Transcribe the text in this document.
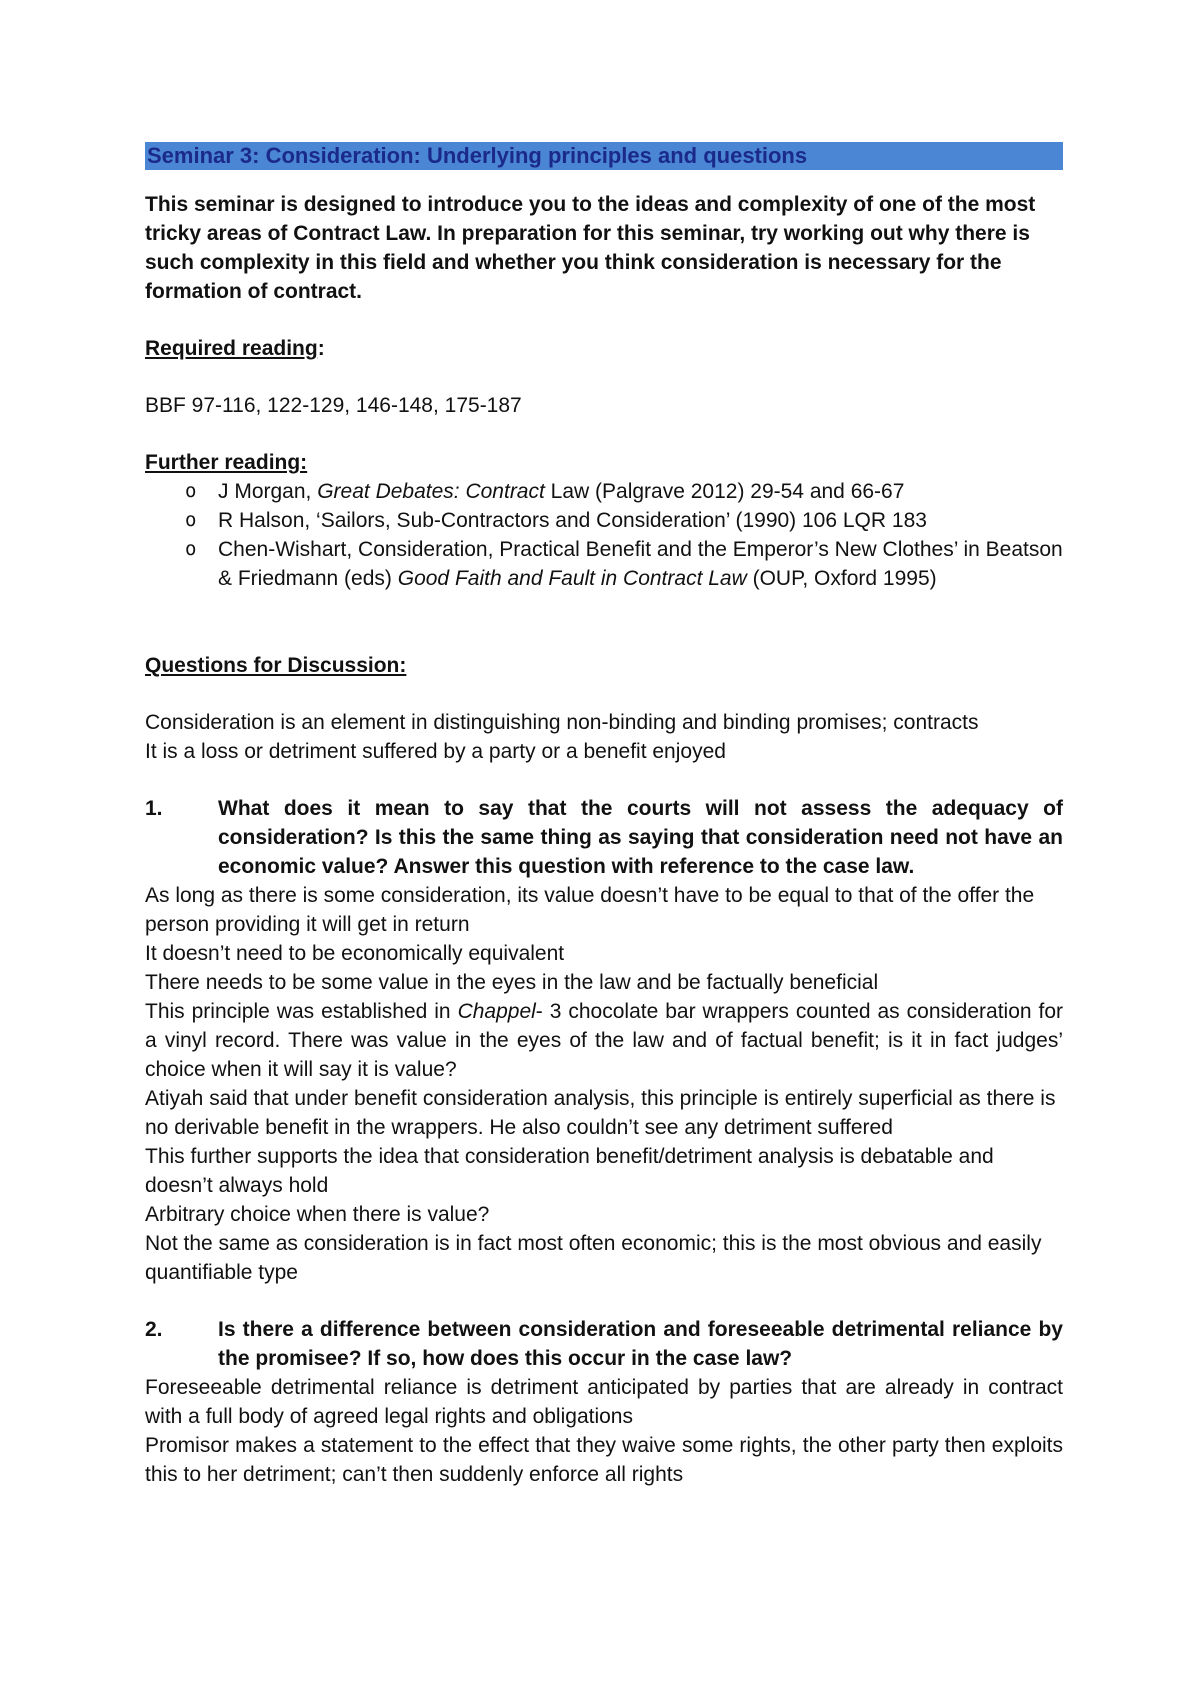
Seminar 3: Consideration: Underlying principles and questions

This seminar is designed to introduce you to the ideas and complexity of one of the most tricky areas of Contract Law. In preparation for this seminar, try working out why there is such complexity in this field and whether you think consideration is necessary for the formation of contract.

Required reading:

BBF 97-116, 122-129, 146-148, 175-187

Further reading:

o J Morgan, Great Debates: Contract Law (Palgrave 2012) 29-54 and 66-67
o R Halson, ‘Sailors, Sub-Contractors and Consideration’ (1990) 106 LQR 183
o Chen-Wishart, Consideration, Practical Benefit and the Emperor’s New Clothes’ in Beatson & Friedmann (eds) Good Faith and Fault in Contract Law (OUP, Oxford 1995)

Questions for Discussion:

Consideration is an element in distinguishing non-binding and binding promises; contracts

It is a loss or detriment suffered by a party or a benefit enjoyed

1.	What does it mean to say that the courts will not assess the adequacy of consideration? Is this the same thing as saying that consideration need not have an economic value? Answer this question with reference to the case law.

As long as there is some consideration, its value doesn’t have to be equal to that of the offer the person providing it will get in return

It doesn’t need to be economically equivalent

There needs to be some value in the eyes in the law and be factually beneficial

This principle was established in Chappel- 3 chocolate bar wrappers counted as consideration for a vinyl record. There was value in the eyes of the law and of factual benefit; is it in fact judges’ choice when it will say it is value?

Atiyah said that under benefit consideration analysis, this principle is entirely superficial as there is no derivable benefit in the wrappers. He also couldn’t see any detriment suffered

This further supports the idea that consideration benefit/detriment analysis is debatable and doesn’t always hold

Arbitrary choice when there is value?

Not the same as consideration is in fact most often economic; this is the most obvious and easily quantifiable type

2.	Is there a difference between consideration and foreseeable detrimental reliance by the promisee? If so, how does this occur in the case law?

Foreseeable detrimental reliance is detriment anticipated by parties that are already in contract with a full body of agreed legal rights and obligations

Promisor makes a statement to the effect that they waive some rights, the other party then exploits this to her detriment; can’t then suddenly enforce all rights
